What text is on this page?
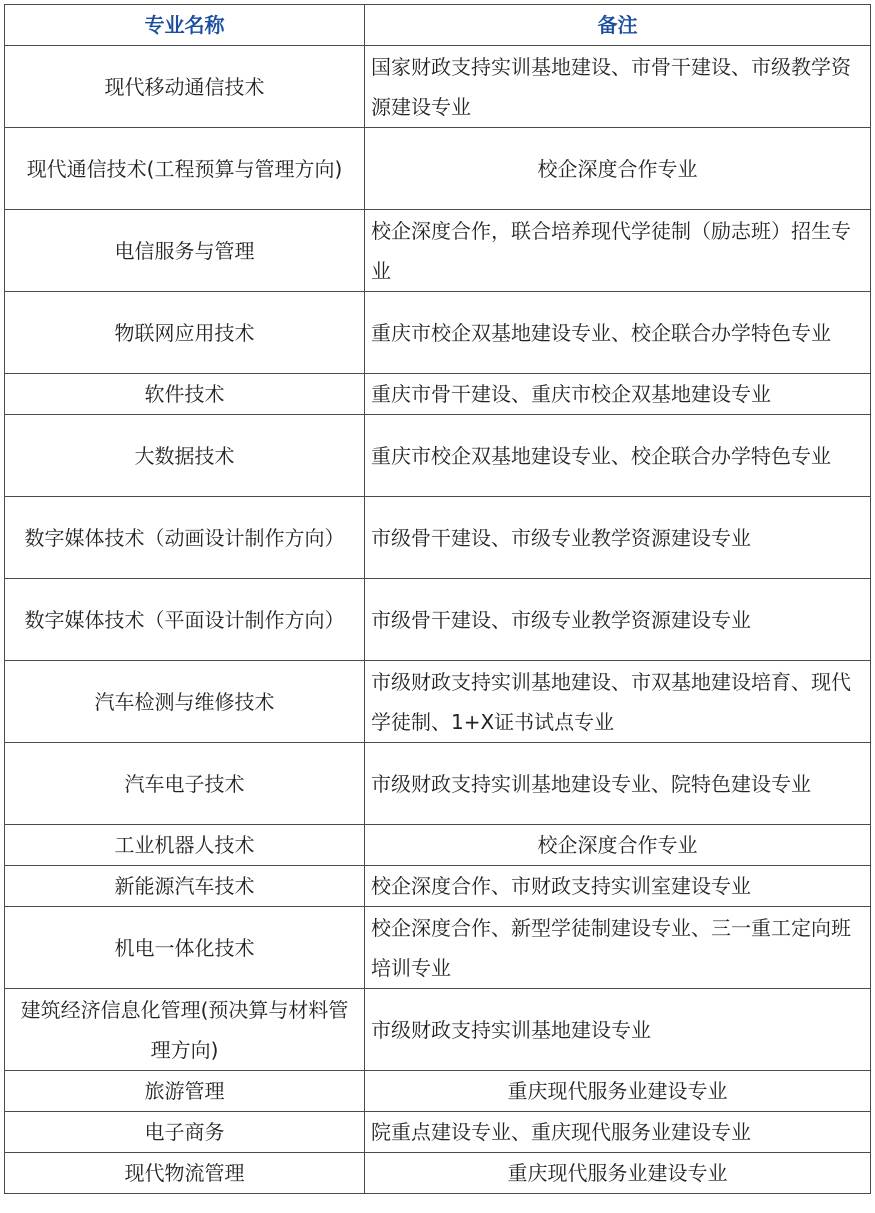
专业名称	备注
现代移动通信技术	国家财政支持实训基地建设、市骨干建设、市级教学资源建设专业
现代通信技术(工程预算与管理方向)	校企深度合作专业
电信服务与管理	校企深度合作，联合培养现代学徒制（励志班）招生专业
物联网应用技术	重庆市校企双基地建设专业、校企联合办学特色专业
软件技术	重庆市骨干建设、重庆市校企双基地建设专业
大数据技术	重庆市校企双基地建设专业、校企联合办学特色专业
数字媒体技术（动画设计制作方向）	市级骨干建设、市级专业教学资源建设专业
数字媒体技术（平面设计制作方向）	市级骨干建设、市级专业教学资源建设专业
汽车检测与维修技术	市级财政支持实训基地建设、市双基地建设培育、现代学徒制、1+X证书试点专业
汽车电子技术	市级财政支持实训基地建设专业、院特色建设专业
工业机器人技术	校企深度合作专业
新能源汽车技术	校企深度合作、市财政支持实训室建设专业
机电一体化技术	校企深度合作、新型学徒制建设专业、三一重工定向班培训专业
建筑经济信息化管理(预决算与材料管理方向)	市级财政支持实训基地建设专业
旅游管理	重庆现代服务业建设专业
电子商务	院重点建设专业、重庆现代服务业建设专业
现代物流管理	重庆现代服务业建设专业
